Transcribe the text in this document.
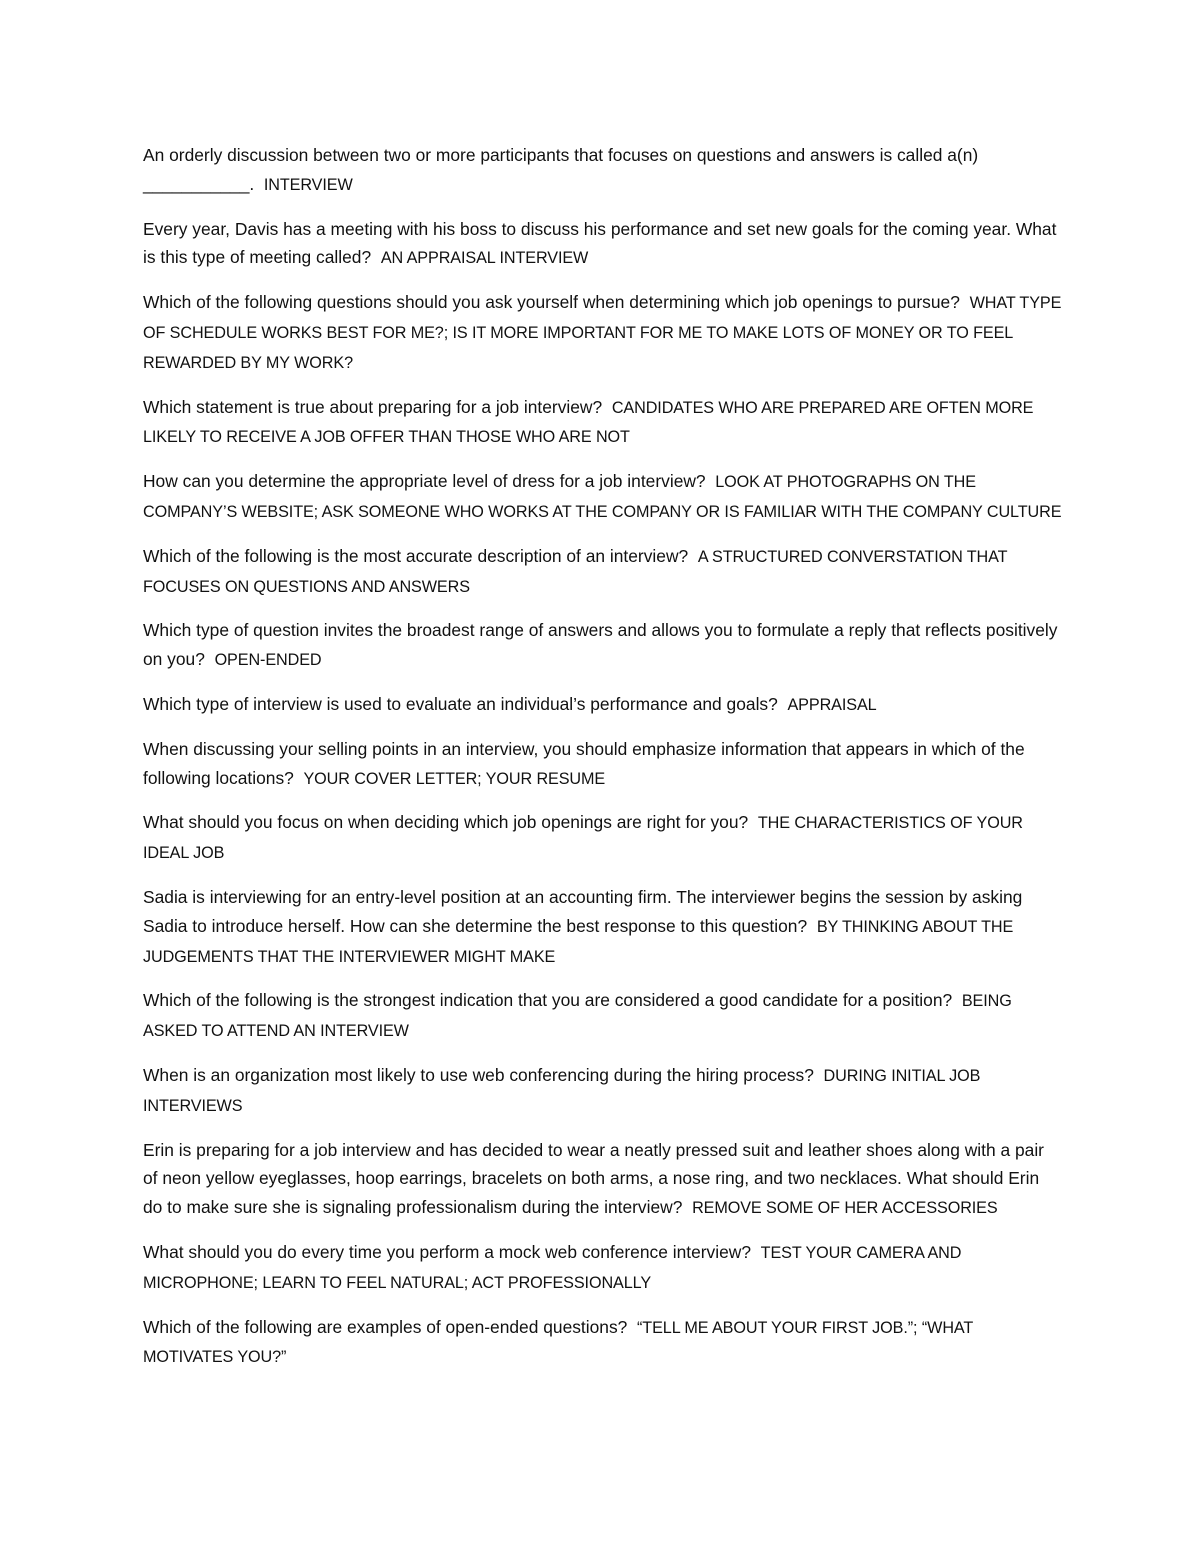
An orderly discussion between two or more participants that focuses on questions and answers is called a(n) ___________. INTERVIEW

Every year, Davis has a meeting with his boss to discuss his performance and set new goals for the coming year. What is this type of meeting called? AN APPRAISAL INTERVIEW

Which of the following questions should you ask yourself when determining which job openings to pursue? WHAT TYPE OF SCHEDULE WORKS BEST FOR ME?; IS IT MORE IMPORTANT FOR ME TO MAKE LOTS OF MONEY OR TO FEEL REWARDED BY MY WORK?

Which statement is true about preparing for a job interview? CANDIDATES WHO ARE PREPARED ARE OFTEN MORE LIKELY TO RECEIVE A JOB OFFER THAN THOSE WHO ARE NOT

How can you determine the appropriate level of dress for a job interview? LOOK AT PHOTOGRAPHS ON THE COMPANY’S WEBSITE; ASK SOMEONE WHO WORKS AT THE COMPANY OR IS FAMILIAR WITH THE COMPANY CULTURE

Which of the following is the most accurate description of an interview? A STRUCTURED CONVERSTATION THAT FOCUSES ON QUESTIONS AND ANSWERS

Which type of question invites the broadest range of answers and allows you to formulate a reply that reflects positively on you? OPEN-ENDED

Which type of interview is used to evaluate an individual’s performance and goals? APPRAISAL

When discussing your selling points in an interview, you should emphasize information that appears in which of the following locations? YOUR COVER LETTER; YOUR RESUME

What should you focus on when deciding which job openings are right for you? THE CHARACTERISTICS OF YOUR IDEAL JOB

Sadia is interviewing for an entry-level position at an accounting firm. The interviewer begins the session by asking Sadia to introduce herself. How can she determine the best response to this question? BY THINKING ABOUT THE JUDGEMENTS THAT THE INTERVIEWER MIGHT MAKE

Which of the following is the strongest indication that you are considered a good candidate for a position? BEING ASKED TO ATTEND AN INTERVIEW

When is an organization most likely to use web conferencing during the hiring process? DURING INITIAL JOB INTERVIEWS

Erin is preparing for a job interview and has decided to wear a neatly pressed suit and leather shoes along with a pair of neon yellow eyeglasses, hoop earrings, bracelets on both arms, a nose ring, and two necklaces. What should Erin do to make sure she is signaling professionalism during the interview? REMOVE SOME OF HER ACCESSORIES

What should you do every time you perform a mock web conference interview? TEST YOUR CAMERA AND MICROPHONE; LEARN TO FEEL NATURAL; ACT PROFESSIONALLY

Which of the following are examples of open-ended questions? “TELL ME ABOUT YOUR FIRST JOB.”; “WHAT MOTIVATES YOU?”
